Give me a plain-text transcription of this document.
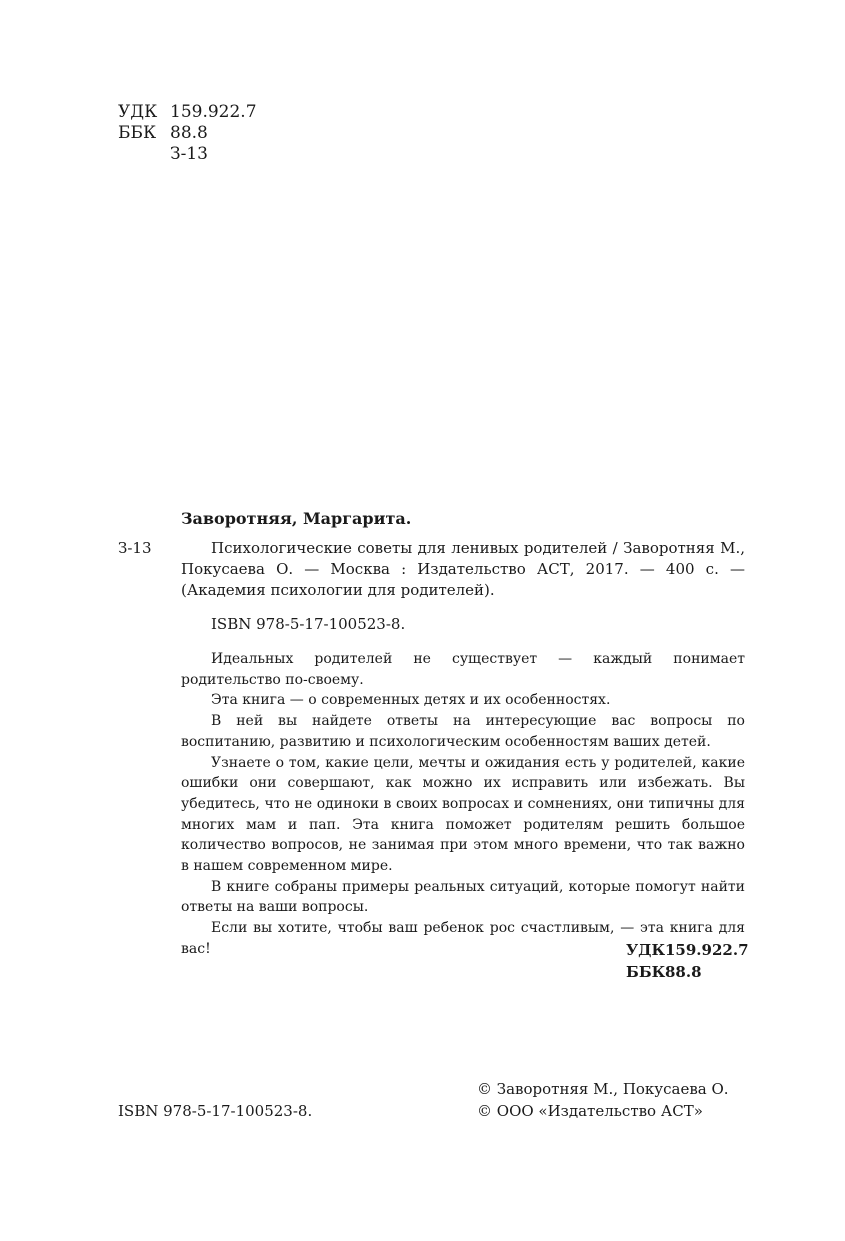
УДК 159.922.7
ББК 88.8
З-13
Заворотняя, Маргарита.
З-13	Психологические советы для ленивых родителей / Заворотняя М., Покусаева О. — Москва : Издательство АСТ, 2017. — 400 с. — (Академия психологии для родителей).
ISBN 978-5-17-100523-8.

Идеальных родителей не существует — каждый понимает родительство по-своему.

Эта книга — о современных детях и их особенностях.

В ней вы найдете ответы на интересующие вас вопросы по воспитанию, развитию и психологическим особенностям ваших детей.

Узнаете о том, какие цели, мечты и ожидания есть у родителей, какие ошибки они совершают, как можно их исправить или избежать. Вы убедитесь, что не одиноки в своих вопросах и сомнениях, они типичны для многих мам и пап. Эта книга поможет родителям решить большое количество вопросов, не занимая при этом много времени, что так важно в нашем современном мире.

В книге собраны примеры реальных ситуаций, которые помогут найти ответы на ваши вопросы.

Если вы хотите, чтобы ваш ребенок рос счастливым, — эта книга для вас!	УДК 159.922.7
ББК 88.8
© Заворотняя М., Покусаева О.
© ООО «Издательство АСТ»
ISBN 978-5-17-100523-8.
